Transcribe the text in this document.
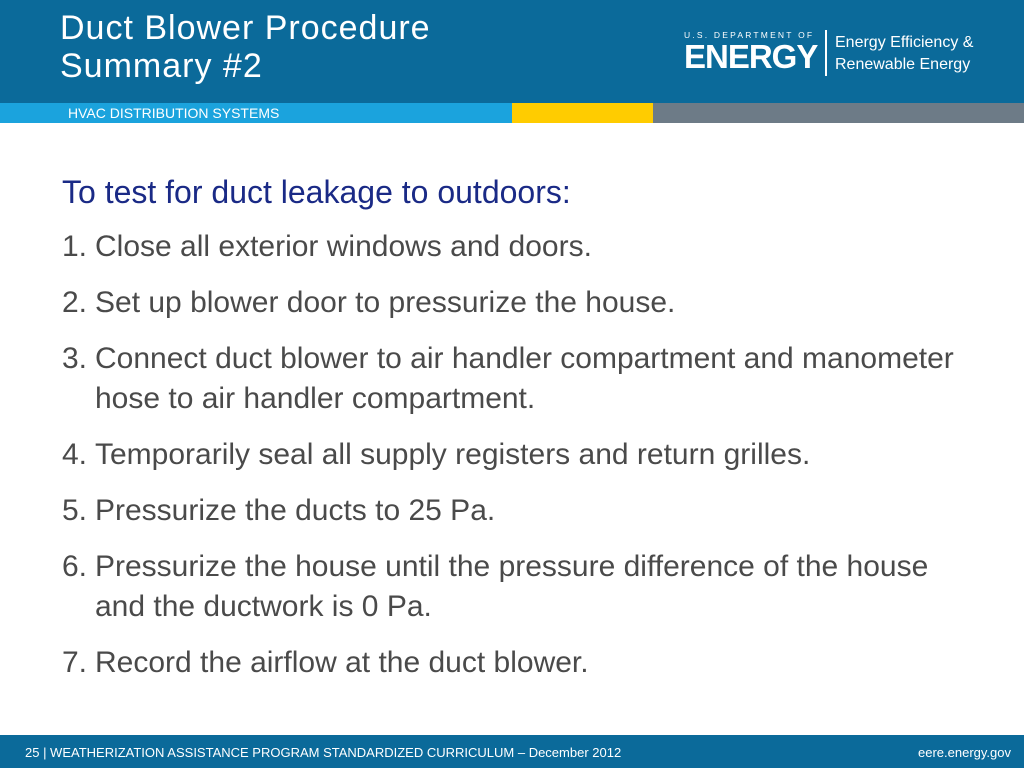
Duct Blower Procedure
Summary #2
U.S. DEPARTMENT OF
ENERGY Energy Efficiency &
Renewable Energy
HVAC DISTRIBUTION SYSTEMS

To test for duct leakage to outdoors:

1. Close all exterior windows and doors.
2. Set up blower door to pressurize the house.
3. Connect duct blower to air handler compartment and manometer hose to air handler compartment.
4. Temporarily seal all supply registers and return grilles.
5. Pressurize the ducts to 25 Pa.
6. Pressurize the house until the pressure difference of the house and the ductwork is 0 Pa.
7. Record the airflow at the duct blower.
25 | WEATHERIZATION ASSISTANCE PROGRAM STANDARDIZED CURRICULUM – December 2012	eere.energy.gov
